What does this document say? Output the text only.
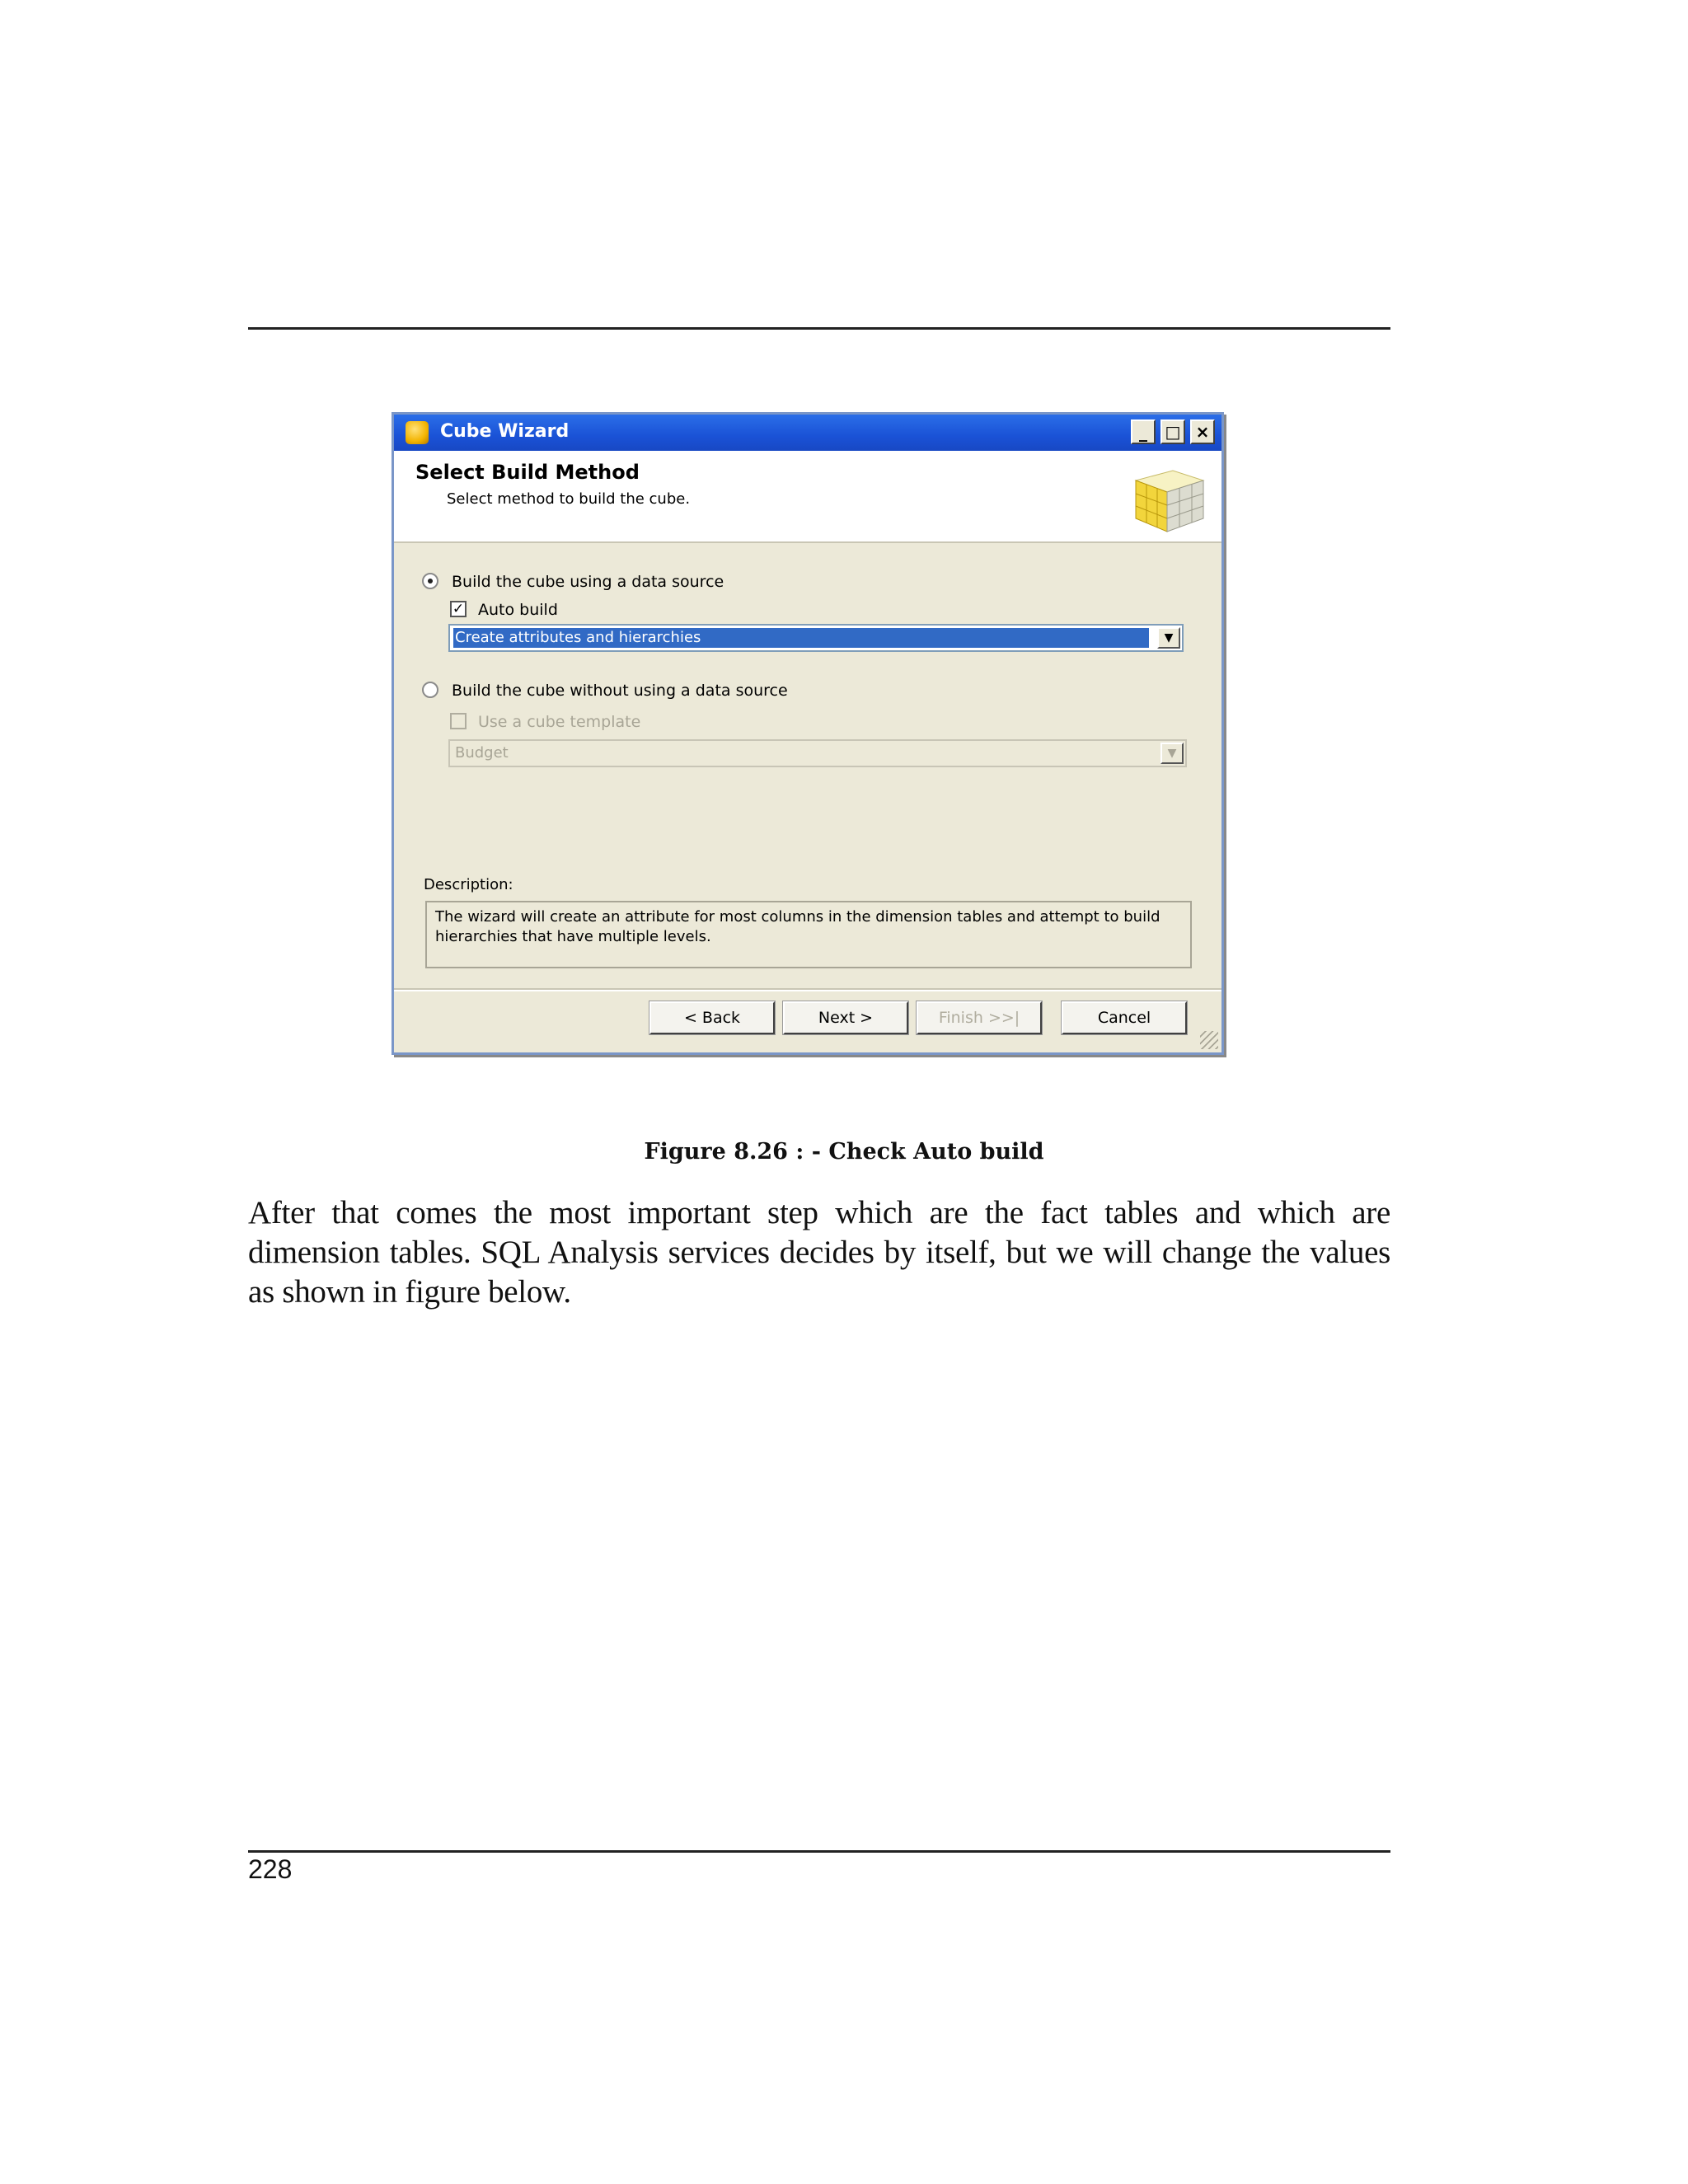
Cube Wizard	_	□ ×
Select Build Method
Select method to build the cube.
Build the cube using a data source
✓ Auto build
Create attributes and hierarchies	▼
Build the cube without using a data source
Use a cube template
Budget	▼
Description:
The wizard will create an attribute for most columns in the dimension tables and attempt to build hierarchies that have multiple levels.
< Back	Next >	Finish >>|	Cancel
Figure 8.26 : - Check Auto build
After that comes the most important step which are the fact tables and which are dimension tables. SQL Analysis services decides by itself, but we will change the values as shown in figure below.
228
